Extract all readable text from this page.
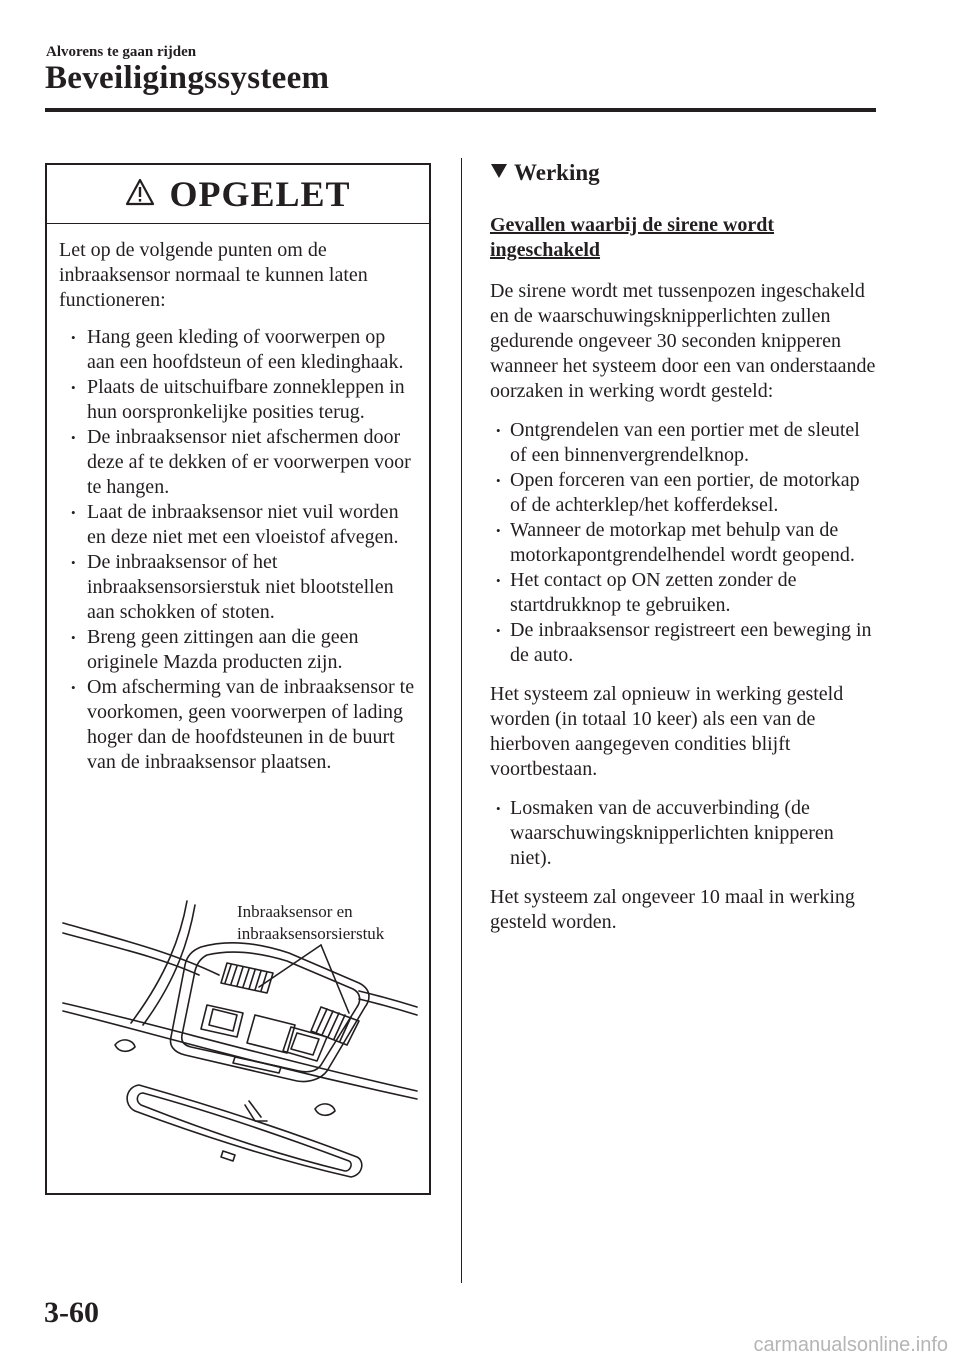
Alvorens te gaan rijden
Beveiligingssysteem
OPGELET

Let op de volgende punten om de inbraaksensor normaal te kunnen laten functioneren:

• Hang geen kleding of voorwerpen op aan een hoofdsteun of een kledinghaak.
• Plaats de uitschuifbare zonnekleppen in hun oorspronkelijke posities terug.
• De inbraaksensor niet afschermen door deze af te dekken of er voorwerpen voor te hangen.
• Laat de inbraaksensor niet vuil worden en deze niet met een vloeistof afvegen.
• De inbraaksensor of het inbraaksensorsierstuk niet blootstellen aan schokken of stoten.
• Breng geen zittingen aan die geen originele Mazda producten zijn.
• Om afscherming van de inbraaksensor te voorkomen, geen voorwerpen of lading hoger dan de hoofdsteunen in de buurt van de inbraaksensor plaatsen.
Inbraaksensor en
inbraaksensorsierstuk
Werking
Gevallen waarbij de sirene wordt
ingeschakeld

De sirene wordt met tussenpozen ingeschakeld en de waarschuwingsknipperlichten zullen gedurende ongeveer 30 seconden knipperen wanneer het systeem door een van onderstaande oorzaken in werking wordt gesteld:

• Ontgrendelen van een portier met de sleutel of een binnenvergrendelknop.
• Open forceren van een portier, de motorkap of de achterklep/het kofferdeksel.
• Wanneer de motorkap met behulp van de motorkapontgrendelhendel wordt geopend.
• Het contact op ON zetten zonder de startdrukknop te gebruiken.
• De inbraaksensor registreert een beweging in de auto.

Het systeem zal opnieuw in werking gesteld worden (in totaal 10 keer) als een van de hierboven aangegeven condities blijft voortbestaan.

• Losmaken van de accuverbinding (de waarschuwingsknipperlichten knipperen niet).

Het systeem zal ongeveer 10 maal in werking gesteld worden.

3-60
carmanualsonline.info
